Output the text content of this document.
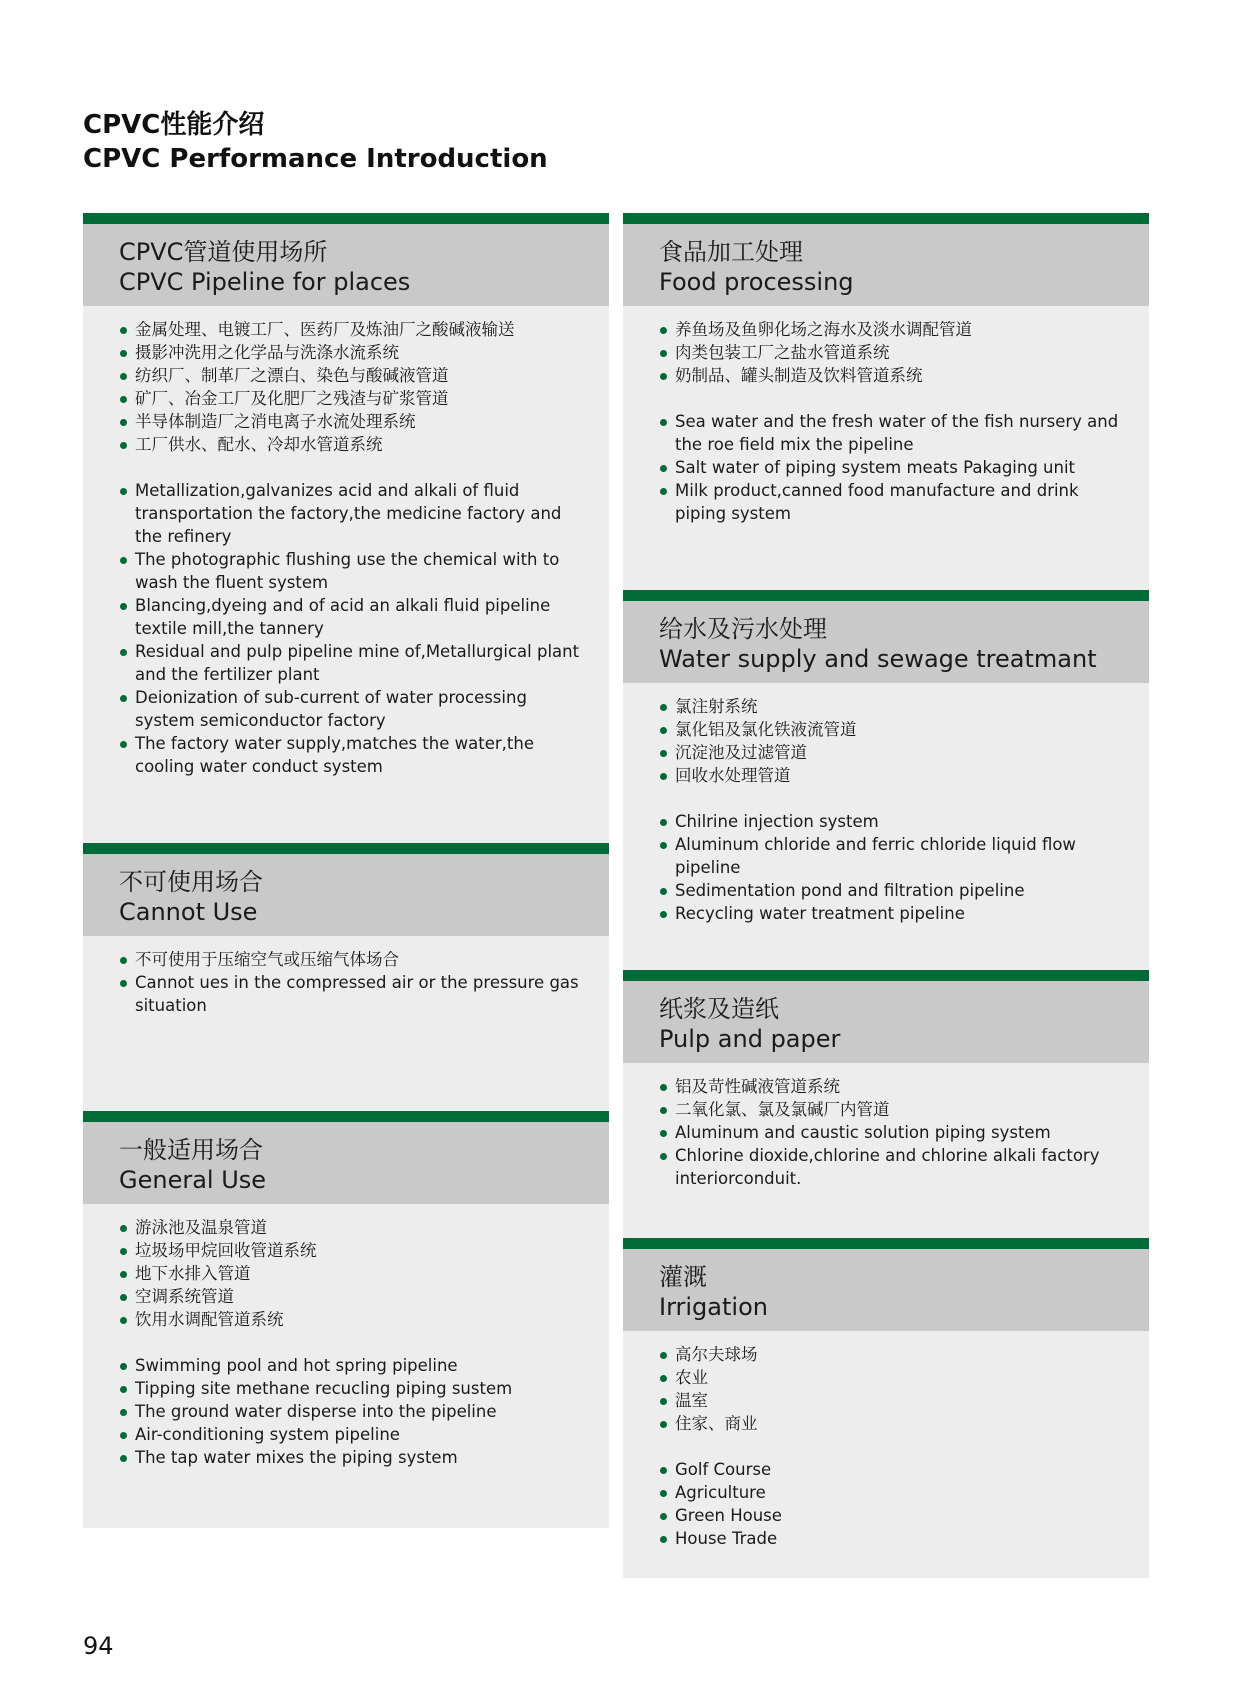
CPVC性能介绍
CPVC Performance Introduction
CPVC管道使用场所
CPVC Pipeline for places
金属处理、电镀工厂、医药厂及炼油厂之酸碱液输送
摄影冲洗用之化学品与洗涤水流系统
纺织厂、制革厂之漂白、染色与酸碱液管道
矿厂、冶金工厂及化肥厂之残渣与矿浆管道
半导体制造厂之消电离子水流处理系统
工厂供水、配水、冷却水管道系统
Metallization,galvanizes acid and alkali of fluid transportation the factory,the medicine factory and the refinery
The photographic flushing use the chemical with to wash the fluent system
Blancing,dyeing and of acid an alkali fluid pipeline textile mill,the tannery
Residual and pulp pipeline mine of,Metallurgical plant and the fertilizer plant
Deionization of sub-current of water processing system semiconductor factory
The factory water supply,matches the water,the cooling water conduct system
不可使用场合
Cannot Use
不可使用于压缩空气或压缩气体场合
Cannot ues in the compressed air or the pressure gas situation
一般适用场合
General Use
游泳池及温泉管道
垃圾场甲烷回收管道系统
地下水排入管道
空调系统管道
饮用水调配管道系统
Swimming pool and hot spring pipeline
Tipping site methane recucling piping sustem
The ground water disperse into the pipeline
Air-conditioning system pipeline
The tap water mixes the piping system
食品加工处理
Food processing
养鱼场及鱼卵化场之海水及淡水调配管道
肉类包装工厂之盐水管道系统
奶制品、罐头制造及饮料管道系统
Sea water and the fresh water of the fish nursery and the roe field mix the pipeline
Salt water of piping system meats Pakaging unit
Milk product,canned food manufacture and drink piping system
给水及污水处理
Water supply and sewage treatmant
氯注射系统
氯化铝及氯化铁液流管道
沉淀池及过滤管道
回收水处理管道
Chilrine injection system
Aluminum chloride and ferric chloride liquid flow pipeline
Sedimentation pond and filtration pipeline
Recycling water treatment pipeline
纸浆及造纸
Pulp and paper
铝及苛性碱液管道系统
二氧化氯、氯及氯碱厂内管道
Aluminum and caustic solution piping system
Chlorine dioxide,chlorine and chlorine alkali factory interiorconduit.
灌溉
Irrigation
高尔夫球场
农业
温室
住家、商业
Golf Course
Agriculture
Green House
House Trade
94
